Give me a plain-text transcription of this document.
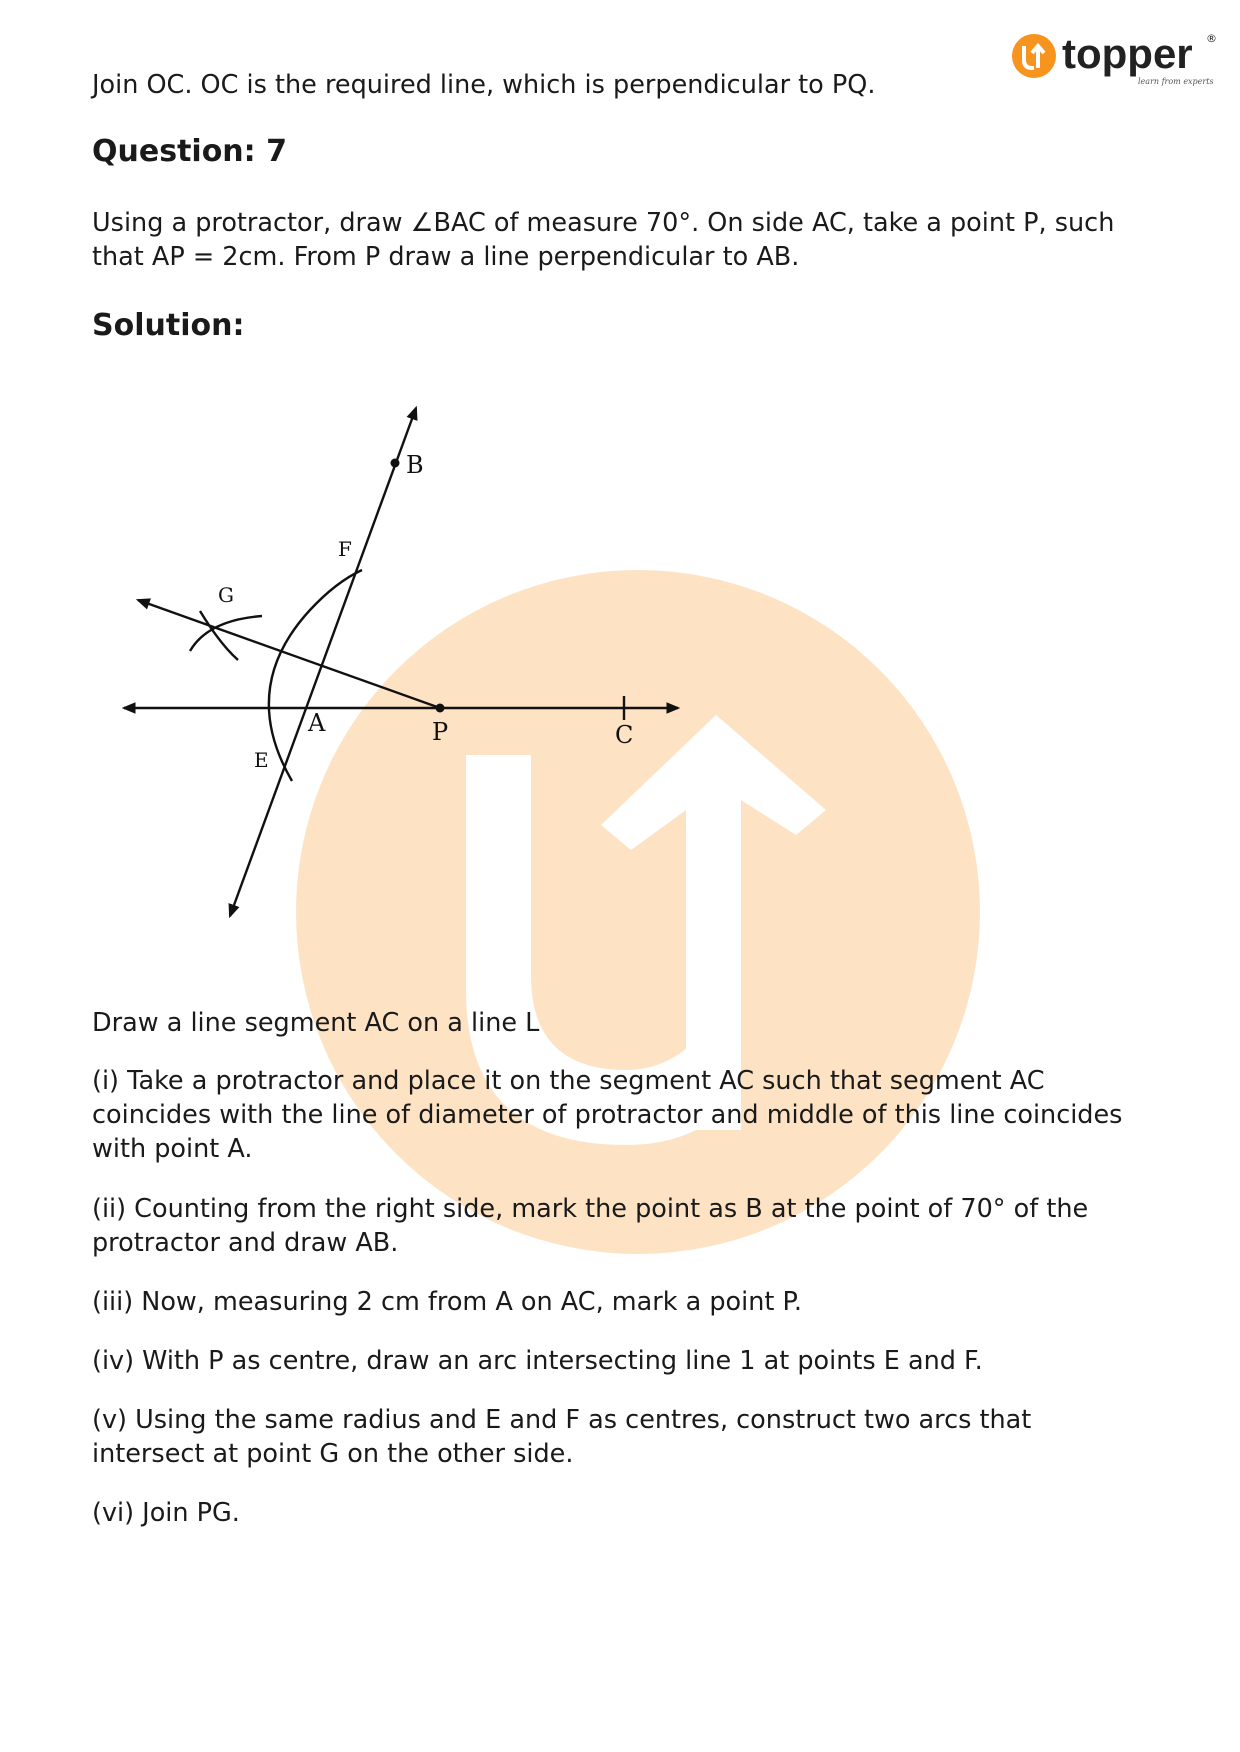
topper ®
learn from experts

Join OC. OC is the required line, which is perpendicular to PQ.

Question: 7

Using a protractor, draw ∠BAC of measure 70°. On side AC, take a point P, such

that AP = 2cm. From P draw a line perpendicular to AB.

Solution:

Draw a line segment AC on a line L

(i) Take a protractor and place it on the segment AC such that segment AC

coincides with the line of diameter of protractor and middle of this line coincides

with point A.

(ii) Counting from the right side, mark the point as B at the point of 70° of the

protractor and draw AB.

(iii) Now, measuring 2 cm from A on AC, mark a point P.

(iv) With P as centre, draw an arc intersecting line 1 at points E and F.

(v) Using the same radius and E and F as centres, construct two arcs that

intersect at point G on the other side.

(vi) Join PG.

B
F
G
A	P	C
E
